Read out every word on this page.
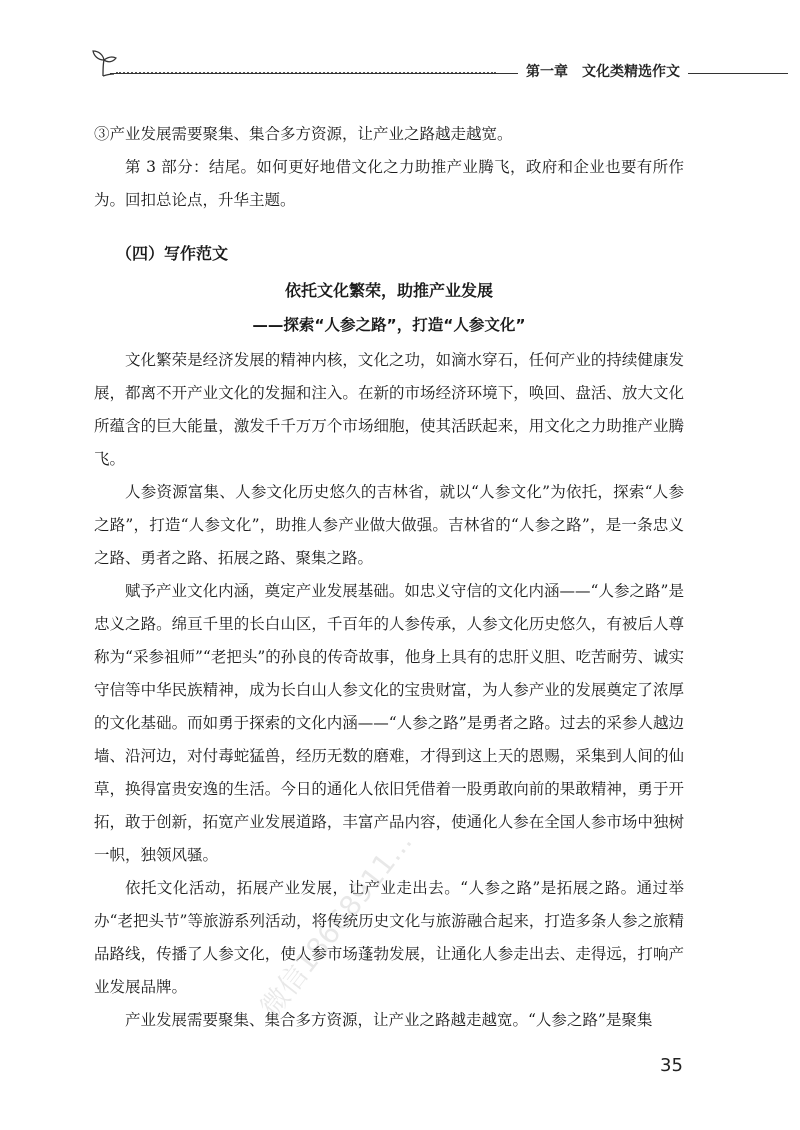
第一章 文化类精选作文

③产业发展需要聚集、集合多方资源，让产业之路越走越宽。

第 3 部分：结尾。如何更好地借文化之力助推产业腾飞，政府和企业也要有所作为。回扣总论点，升华主题。

（四）写作范文
依托文化繁荣，助推产业发展
——探索“人参之路”，打造“人参文化”

文化繁荣是经济发展的精神内核，文化之功，如滴水穿石，任何产业的持续健康发展，都离不开产业文化的发掘和注入。在新的市场经济环境下，唤回、盘活、放大文化所蕴含的巨大能量，激发千千万万个市场细胞，使其活跃起来，用文化之力助推产业腾飞。

人参资源富集、人参文化历史悠久的吉林省，就以“人参文化”为依托，探索“人参之路”，打造“人参文化”，助推人参产业做大做强。吉林省的“人参之路”，是一条忠义之路、勇者之路、拓展之路、聚集之路。

赋予产业文化内涵，奠定产业发展基础。如忠义守信的文化内涵——“人参之路”是忠义之路。绵亘千里的长白山区，千百年的人参传承，人参文化历史悠久，有被后人尊称为“采参祖师”“老把头”的孙良的传奇故事，他身上具有的忠肝义胆、吃苦耐劳、诚实守信等中华民族精神，成为长白山人参文化的宝贵财富，为人参产业的发展奠定了浓厚的文化基础。而如勇于探索的文化内涵——“人参之路”是勇者之路。过去的采参人越边墙、沿河边，对付毒蛇猛兽，经历无数的磨难，才得到这上天的恩赐，采集到人间的仙草，换得富贵安逸的生活。今日的通化人依旧凭借着一股勇敢向前的果敢精神，勇于开拓，敢于创新，拓宽产业发展道路，丰富产品内容，使通化人参在全国人参市场中独树一帜，独领风骚。

依托文化活动，拓展产业发展，让产业走出去。“人参之路”是拓展之路。通过举办“老把头节”等旅游系列活动，将传统历史文化与旅游融合起来，打造多条人参之旅精品路线，传播了人参文化，使人参市场蓬勃发展，让通化人参走出去、走得远，打响产业发展品牌。

产业发展需要聚集、集合多方资源，让产业之路越走越宽。“人参之路”是聚集

35
微信18668911...
